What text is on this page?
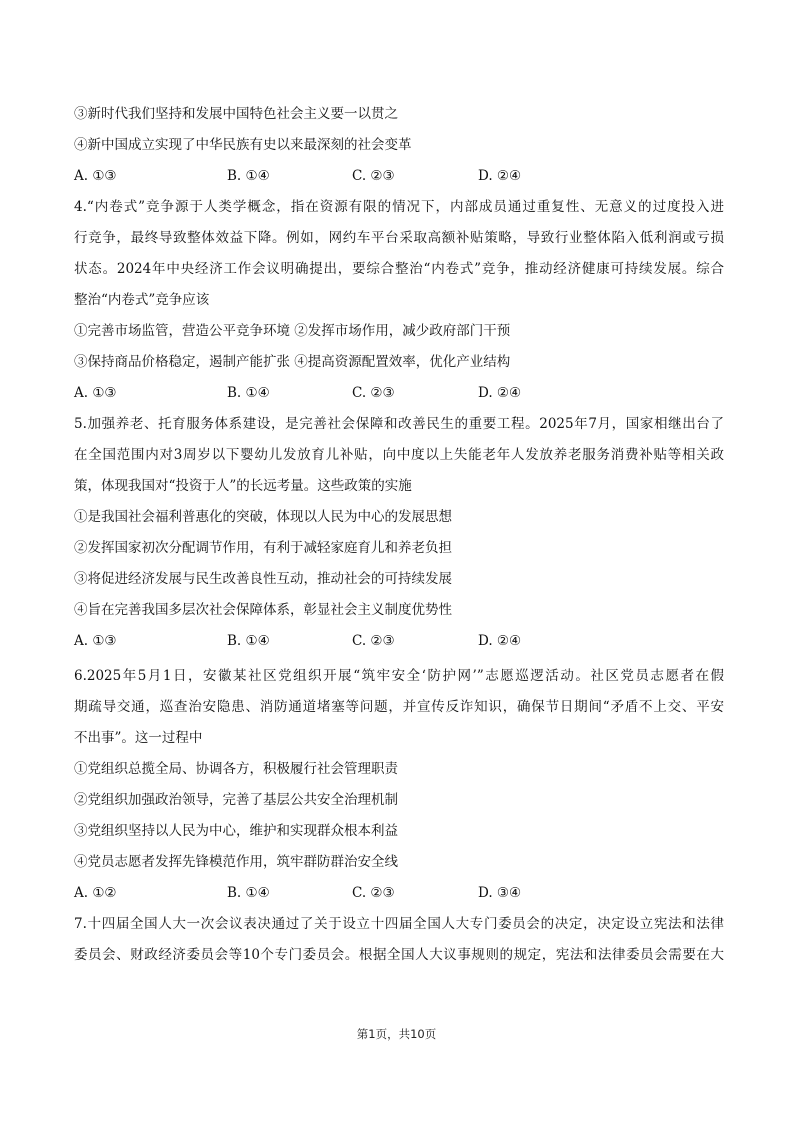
③新时代我们坚持和发展中国特色社会主义要一以贯之
④新中国成立实现了中华民族有史以来最深刻的社会变革
A. ①③	B. ①④	C. ②③	D. ②④
4.“内卷式”竞争源于人类学概念，指在资源有限的情况下，内部成员通过重复性、无意义的过度投入进
行竞争，最终导致整体效益下降。例如，网约车平台采取高额补贴策略，导致行业整体陷入低利润或亏损
状态。2024年中央经济工作会议明确提出，要综合整治“内卷式”竞争，推动经济健康可持续发展。综合
整治“内卷式”竞争应该
①完善市场监管，营造公平竞争环境 ②发挥市场作用，减少政府部门干预
③保持商品价格稳定，遏制产能扩张 ④提高资源配置效率，优化产业结构
A. ①③	B. ①④	C. ②③	D. ②④
5.加强养老、托育服务体系建设，是完善社会保障和改善民生的重要工程。2025年7月，国家相继出台了
在全国范围内对3周岁以下婴幼儿发放育儿补贴，向中度以上失能老年人发放养老服务消费补贴等相关政
策，体现我国对“投资于人”的长远考量。这些政策的实施
①是我国社会福利普惠化的突破，体现以人民为中心的发展思想
②发挥国家初次分配调节作用，有利于减轻家庭育儿和养老负担
③将促进经济发展与民生改善良性互动，推动社会的可持续发展
④旨在完善我国多层次社会保障体系，彰显社会主义制度优势性
A. ①③	B. ①④	C. ②③	D. ②④
6.2025年5月1日，安徽某社区党组织开展“筑牢安全‘防护网’”志愿巡逻活动。社区党员志愿者在假
期疏导交通，巡查治安隐患、消防通道堵塞等问题，并宣传反诈知识，确保节日期间“矛盾不上交、平安
不出事”。这一过程中
①党组织总揽全局、协调各方，积极履行社会管理职责
②党组织加强政治领导，完善了基层公共安全治理机制
③党组织坚持以人民为中心，维护和实现群众根本利益
④党员志愿者发挥先锋模范作用，筑牢群防群治安全线
A. ①②	B. ①④	C. ②③	D. ③④
7.十四届全国人大一次会议表决通过了关于设立十四届全国人大专门委员会的决定，决定设立宪法和法律
委员会、财政经济委员会等10个专门委员会。根据全国人大议事规则的规定，宪法和法律委员会需要在大
第1页，共10页
